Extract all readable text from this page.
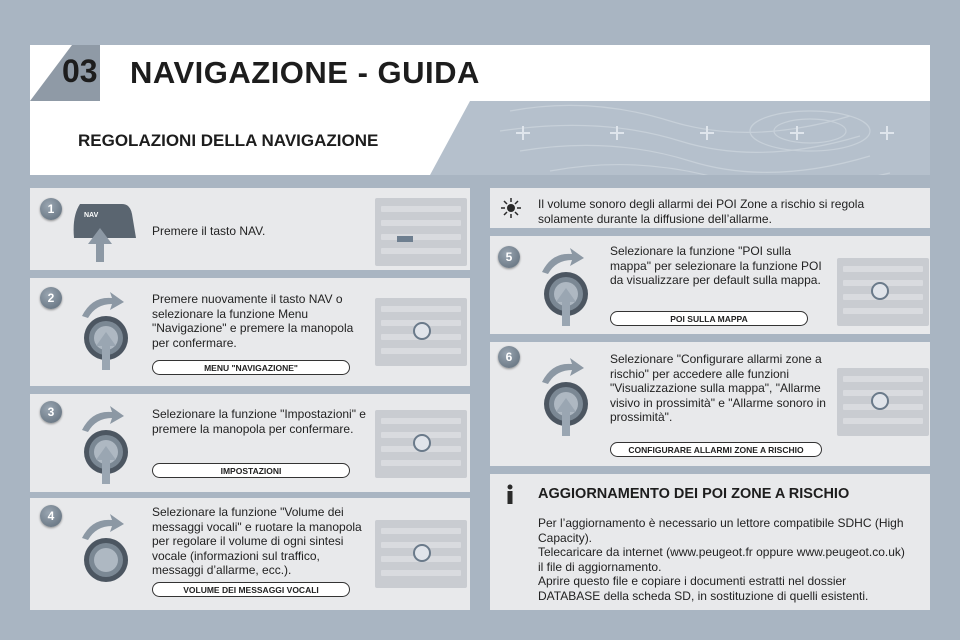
03 NAVIGAZIONE - GUIDA
REGOLAZIONI DELLA NAVIGAZIONE
1	NAV
Premere il tasto NAV.
2	Premere nuovamente il tasto NAV o selezionare la funzione Menu "Navigazione" e premere la manopola per confermare.
MENU "NAVIGAZIONE"
3	Selezionare la funzione "Impostazioni" e premere la manopola per confermare.
IMPOSTAZIONI
4	Selezionare la funzione "Volume dei messaggi vocali" e ruotare la manopola per regolare il volume di ogni sintesi vocale (informazioni sul traffico, messaggi d’allarme, ecc.).
VOLUME DEI MESSAGGI VOCALI
Il volume sonoro degli allarmi dei POI Zone a rischio si regola solamente durante la diffusione dell’allarme.
5	Selezionare la funzione "POI sulla mappa" per selezionare la funzione POI da visualizzare per default sulla mappa.
POI SULLA MAPPA
6	Selezionare "Configurare allarmi zone a rischio" per accedere alle funzioni "Visualizzazione sulla mappa", "Allarme visivo in prossimità" e "Allarme sonoro in prossimità".
CONFIGURARE ALLARMI ZONE A RISCHIO
AGGIORNAMENTO DEI POI ZONE A RISCHIO
Per l’aggiornamento è necessario un lettore compatibile SDHC (High Capacity).
Telecaricare da internet (www.peugeot.fr oppure www.peugeot.co.uk) il file di aggiornamento.
Aprire questo file e copiare i documenti estratti nel dossier DATABASE della scheda SD, in sostituzione di quelli esistenti.
